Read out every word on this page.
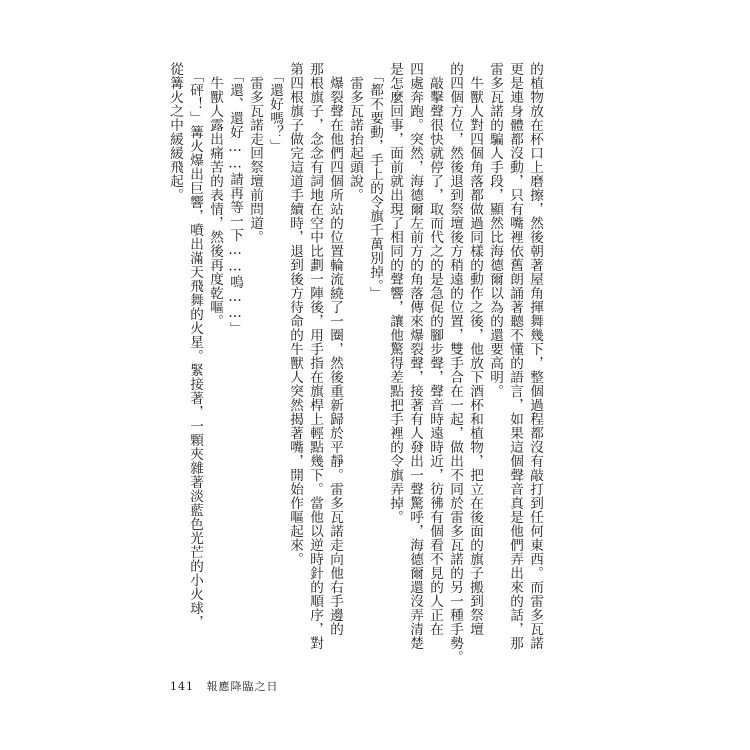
的植物放在杯口上磨擦，然後朝著屋角揮舞幾下，整個過程都沒有敲打到任何東西。而雷多瓦諾
更是連身體都沒動，只有嘴裡依舊朗誦著聽不懂的語言，如果這個聲音真是他們弄出來的話，那
雷多瓦諾的騙人手段，顯然比海德爾以為的還要高明。
　牛獸人對四個角落都做過同樣的動作之後，他放下酒杯和植物，把立在後面的旗子搬到祭壇
的四個方位，然後退到祭壇後方稍遠的位置，雙手合在一起，做出不同於雷多瓦諾的另一種手勢。
　敲擊聲很快就停了，取而代之的是急促的腳步聲，聲音時遠時近，彷彿有個看不見的人正在
四處奔跑。突然，海德爾左前方的角落傳來爆裂聲，接著有人發出一聲驚呼，海德爾還沒弄清楚
是怎麼回事，面前就出現了相同的聲響，讓他驚得差點把手裡的令旗弄掉。
　「都不要動，手上的令旗千萬別掉。」
　雷多瓦諾抬起頭說。
　爆裂聲在他們四個所站的位置輪流繞了一圈，然後重新歸於平靜。雷多瓦諾走向他右手邊的
那根旗子，念念有詞地在空中比劃一陣後，用手指在旗桿上輕點幾下。當他以逆時針的順序，對
第四根旗子做完這道手續時，退到後方待命的牛獸人突然揭著嘴，開始作嘔起來。
　「還好嗎？」
　雷多瓦諾走回祭壇前問道。
　「還、還好……請再等一下……嗚……」
　牛獸人露出痛苦的表情，然後再度乾嘔。
　「砰！」篝火爆出巨響，噴出滿天飛舞的火星。緊接著，一顆夾雜著淡藍色光芒的小火球，
從篝火之中緩緩飛起。
141 報應降臨之日
